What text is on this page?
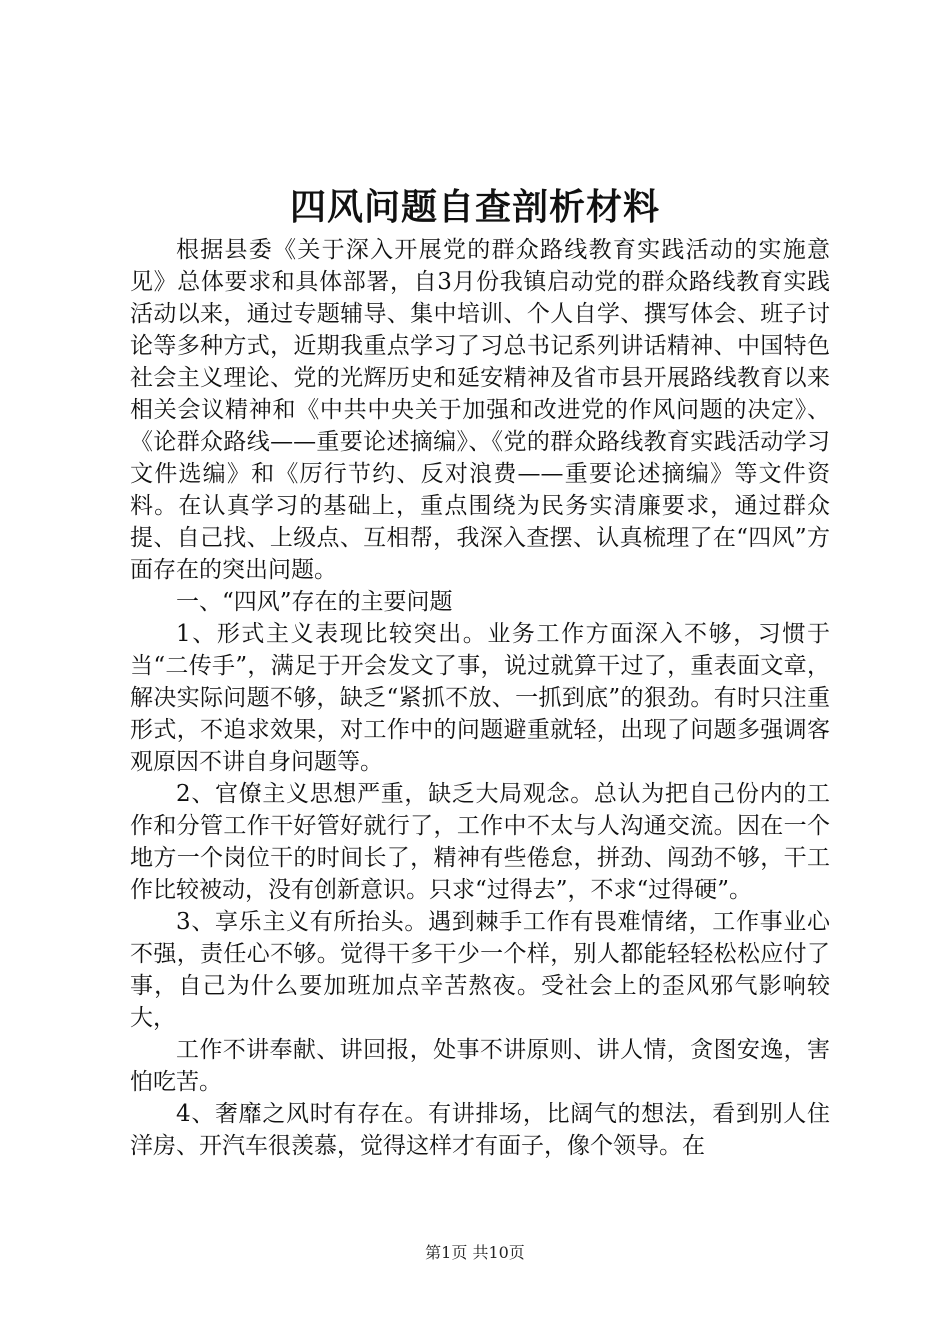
四风问题自查剖析材料

根据县委《关于深入开展党的群众路线教育实践活动的实施意见》总体要求和具体部署，自3月份我镇启动党的群众路线教育实践活动以来，通过专题辅导、集中培训、个人自学、撰写体会、班子讨论等多种方式，近期我重点学习了习总书记系列讲话精神、中国特色社会主义理论、党的光辉历史和延安精神及省市县开展路线教育以来相关会议精神和《中共中央关于加强和改进党的作风问题的决定》、《论群众路线——重要论述摘编》、《党的群众路线教育实践活动学习文件选编》和《厉行节约、反对浪费——重要论述摘编》等文件资料。在认真学习的基础上，重点围绕为民务实清廉要求，通过群众提、自己找、上级点、互相帮，我深入查摆、认真梳理了在“四风”方面存在的突出问题。

一、“四风”存在的主要问题

1、形式主义表现比较突出。业务工作方面深入不够，习惯于当“二传手”，满足于开会发文了事，说过就算干过了，重表面文章，解决实际问题不够，缺乏“紧抓不放、一抓到底”的狠劲。有时只注重形式，不追求效果，对工作中的问题避重就轻，出现了问题多强调客观原因不讲自身问题等。

2、官僚主义思想严重，缺乏大局观念。总认为把自己份内的工作和分管工作干好管好就行了，工作中不太与人沟通交流。因在一个地方一个岗位干的时间长了，精神有些倦怠，拼劲、闯劲不够，干工作比较被动，没有创新意识。只求“过得去”，不求“过得硬”。

3、享乐主义有所抬头。遇到棘手工作有畏难情绪，工作事业心不强，责任心不够。觉得干多干少一个样，别人都能轻轻松松应付了事，自己为什么要加班加点辛苦熬夜。受社会上的歪风邪气影响较大，

工作不讲奉献、讲回报，处事不讲原则、讲人情，贪图安逸，害怕吃苦。

4、奢靡之风时有存在。有讲排场，比阔气的想法，看到别人住洋房、开汽车很羡慕，觉得这样才有面子，像个领导。在

第1页 共10页
